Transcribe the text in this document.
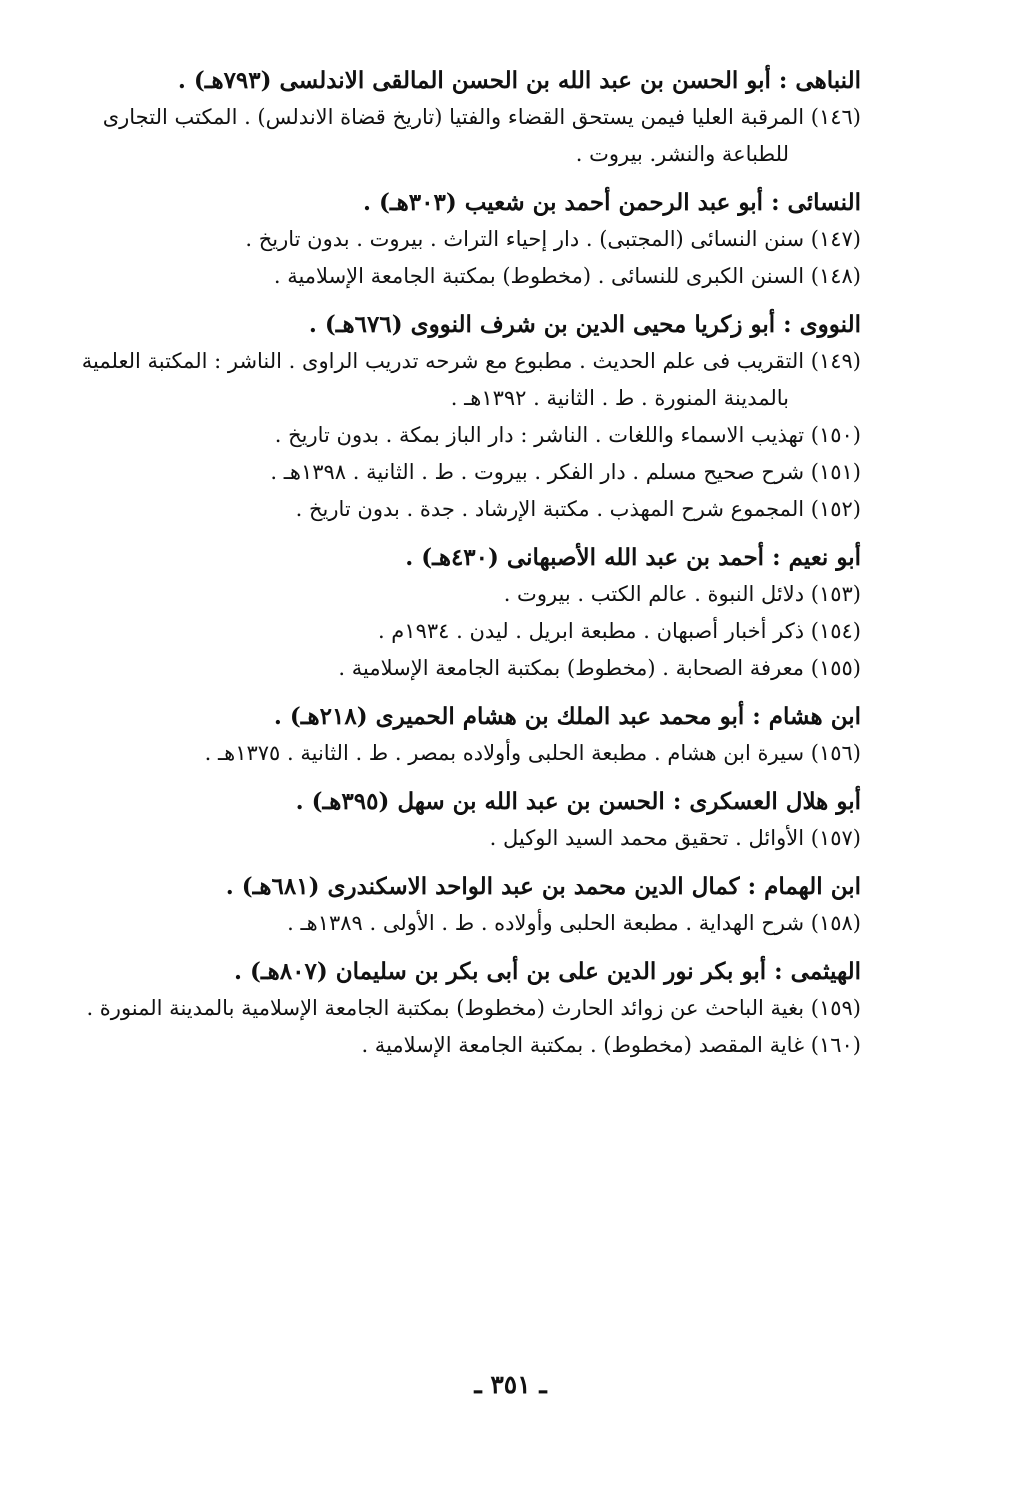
النباهى : أبو الحسن بن عبد الله بن الحسن المالقى الاندلسى (٧٩٣هـ) .
(١٤٦) المرقبة العليا فيمن يستحق القضاء والفتيا (تاريخ قضاة الاندلس) . المكتب التجارى للطباعة والنشر. بيروت .
النسائى : أبو عبد الرحمن أحمد بن شعيب (٣٠٣هـ) .
(١٤٧) سنن النسائى (المجتبى) . دار إحياء التراث . بيروت . بدون تاريخ .
(١٤٨) السنن الكبرى للنسائى . (مخطوط) بمكتبة الجامعة الإسلامية .
النووى : أبو زكريا محيى الدين بن شرف النووى (٦٧٦هـ) .
(١٤٩) التقريب فى علم الحديث . مطبوع مع شرحه تدريب الراوى . الناشر : المكتبة العلمية بالمدينة المنورة . ط . الثانية . ١٣٩٢هـ .
(١٥٠) تهذيب الاسماء واللغات . الناشر : دار الباز بمكة . بدون تاريخ .
(١٥١) شرح صحيح مسلم . دار الفكر . بيروت . ط . الثانية . ١٣٩٨هـ .
(١٥٢) المجموع شرح المهذب . مكتبة الإرشاد . جدة . بدون تاريخ .
أبو نعيم : أحمد بن عبد الله الأصبهانى (٤٣٠هـ) .
(١٥٣) دلائل النبوة . عالم الكتب . بيروت .
(١٥٤) ذكر أخبار أصبهان . مطبعة ابريل . ليدن . ١٩٣٤م .
(١٥٥) معرفة الصحابة . (مخطوط) بمكتبة الجامعة الإسلامية .
ابن هشام : أبو محمد عبد الملك بن هشام الحميرى (٢١٨هـ) .
(١٥٦) سيرة ابن هشام . مطبعة الحلبى وأولاده بمصر . ط . الثانية . ١٣٧٥هـ .
أبو هلال العسكرى : الحسن بن عبد الله بن سهل (٣٩٥هـ) .
(١٥٧) الأوائل . تحقيق محمد السيد الوكيل .
ابن الهمام : كمال الدين محمد بن عبد الواحد الاسكندرى (٦٨١هـ) .
(١٥٨) شرح الهداية . مطبعة الحلبى وأولاده . ط . الأولى . ١٣٨٩هـ .
الهيثمى : أبو بكر نور الدين على بن أبى بكر بن سليمان (٨٠٧هـ) .
(١٥٩) بغية الباحث عن زوائد الحارث (مخطوط) بمكتبة الجامعة الإسلامية بالمدينة المنورة .
(١٦٠) غاية المقصد (مخطوط) . بمكتبة الجامعة الإسلامية .
ـ ٣٥١ ـ
